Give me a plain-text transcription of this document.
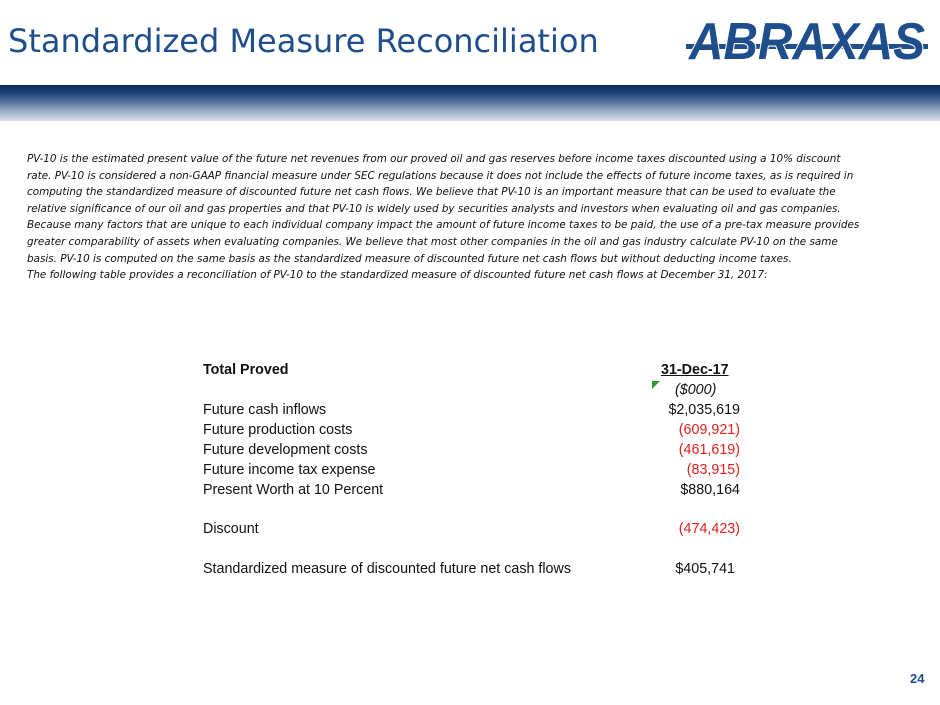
Standardized Measure Reconciliation ABRAXAS

PV-10 is the estimated present value of the future net revenues from our proved oil and gas reserves before income taxes discounted using a 10% discount

rate. PV-10 is considered a non-GAAP financial measure under SEC regulations because it does not include the effects of future income taxes, as is required in

computing the standardized measure of discounted future net cash flows. We believe that PV-10 is an important measure that can be used to evaluate the

relative significance of our oil and gas properties and that PV-10 is widely used by securities analysts and investors when evaluating oil and gas companies.

Because many factors that are unique to each individual company impact the amount of future income taxes to be paid, the use of a pre-tax measure provides

greater comparability of assets when evaluating companies. We believe that most other companies in the oil and gas industry calculate PV-10 on the same

basis. PV-10 is computed on the same basis as the standardized measure of discounted future net cash flows but without deducting income taxes.

The following table provides a reconciliation of PV-10 to the standardized measure of discounted future net cash flows at December 31, 2017:

Total Proved	31-Dec-17
($000)
Future cash inflows	$2,035,619
Future production costs	(609,921)
Future development costs	(461,619)
Future income tax expense	(83,915)
Present Worth at 10 Percent	$880,164
Discount	(474,423)
Standardized measure of discounted future net cash flows	$405,741
24
